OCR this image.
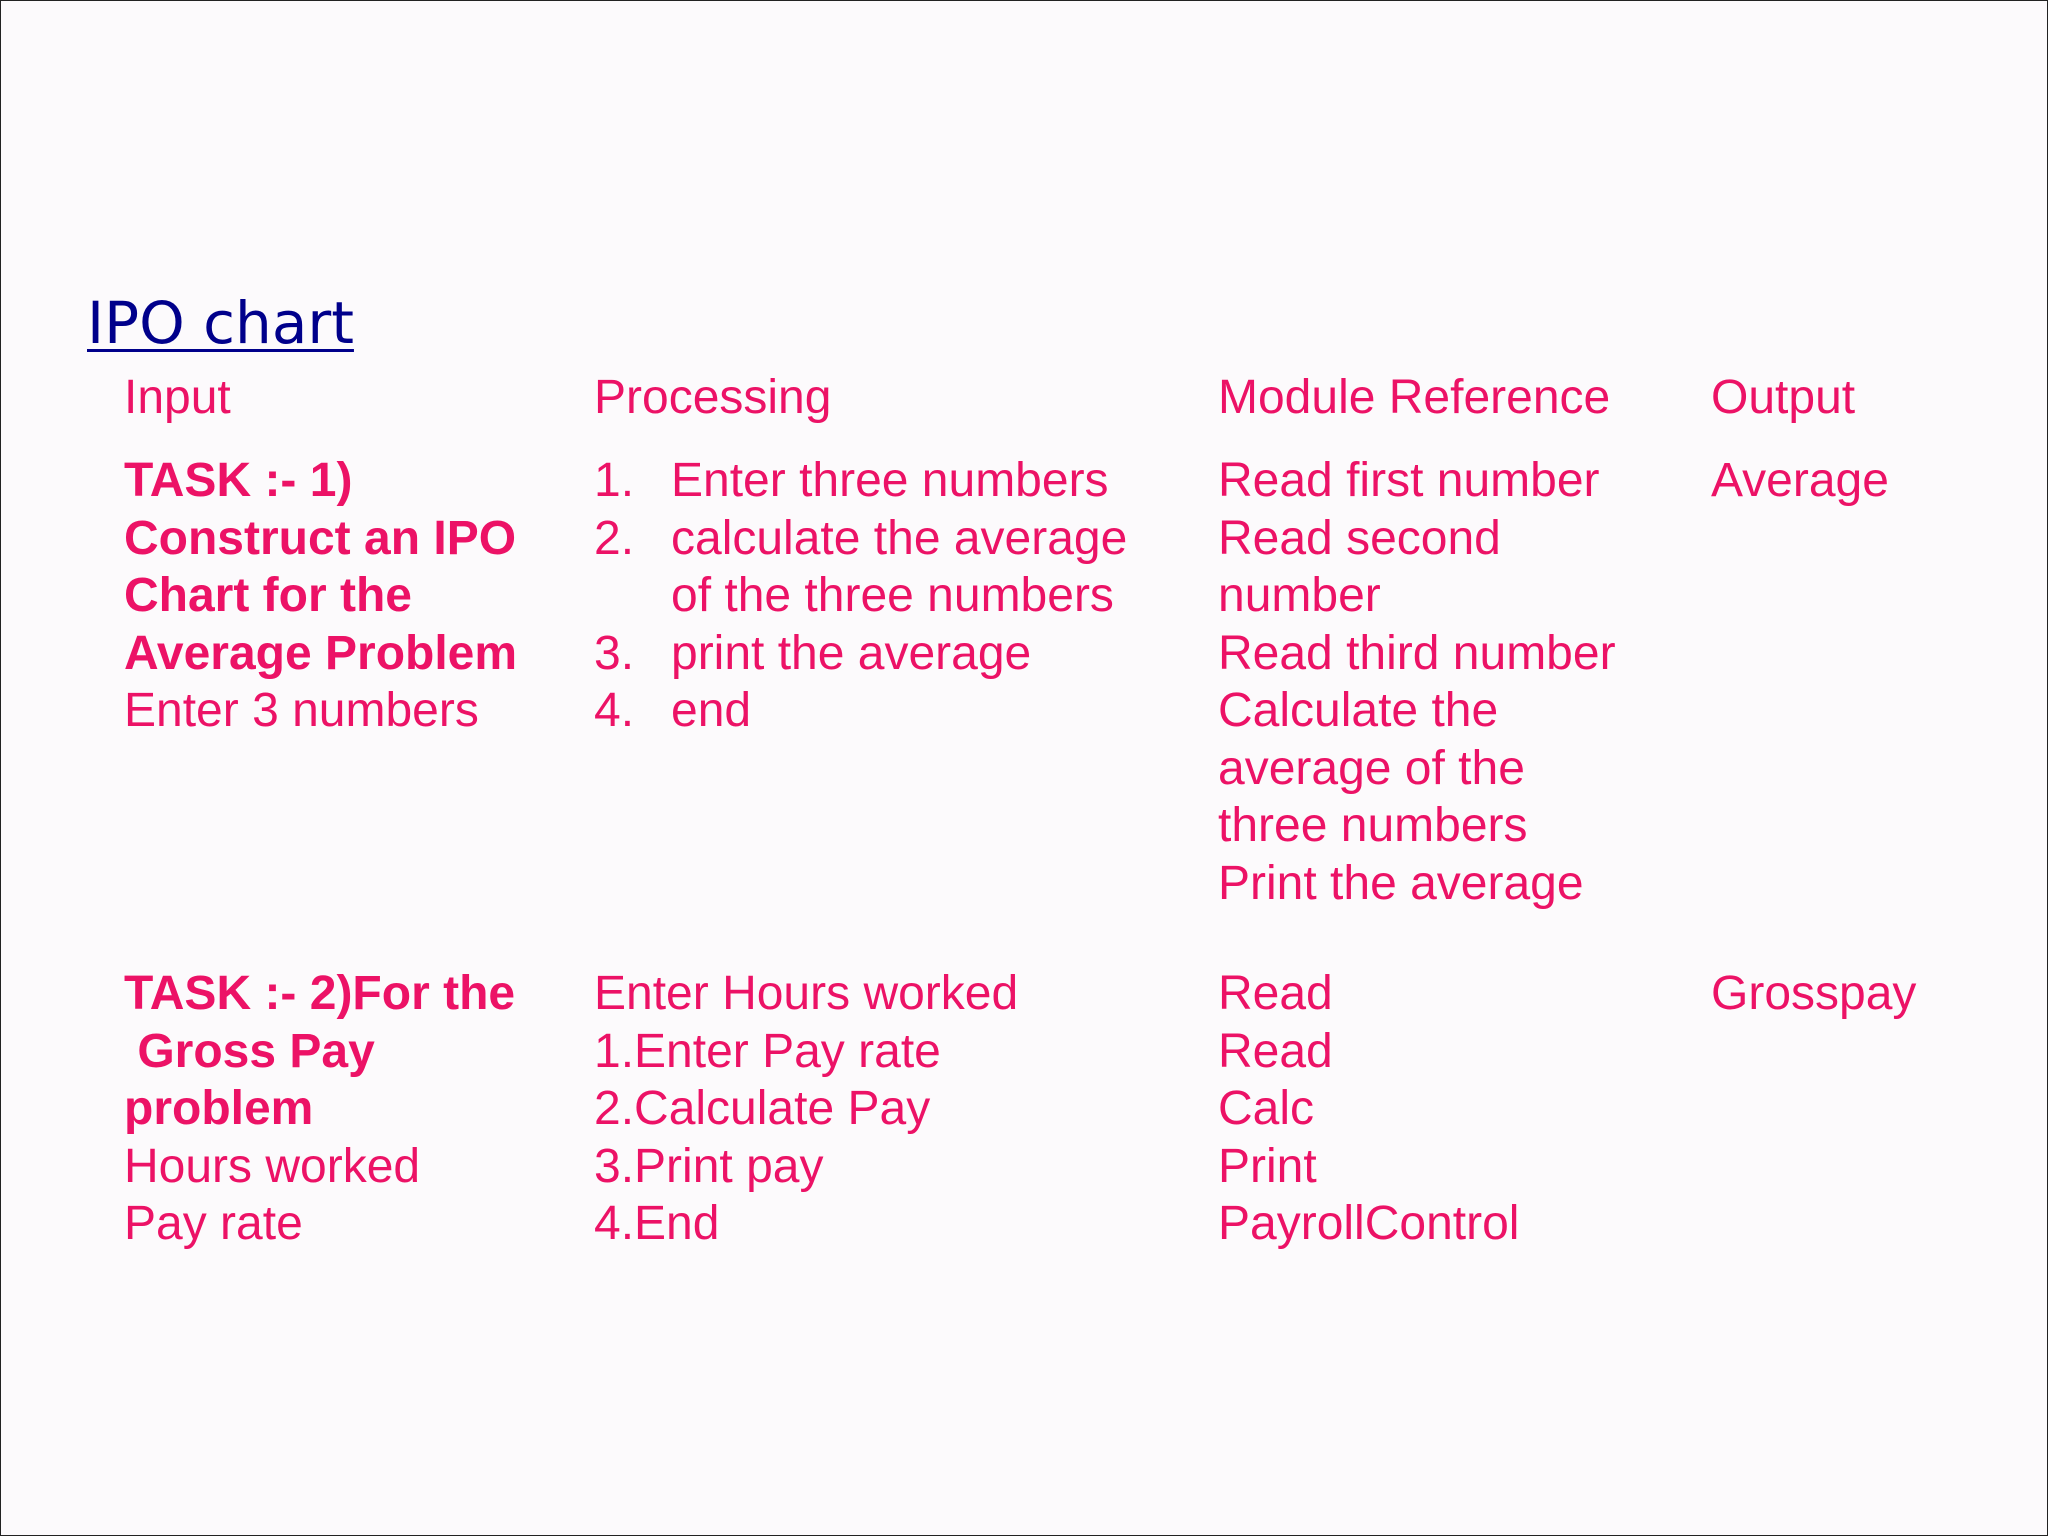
IPO chart
Input	Processing	Module Reference Output
TASK :- 1)
Construct an IPO
Chart for the
Average Problem
Enter 3 numbers
1. Enter three numbers
2. calculate the average
of the three numbers
3. print the average
4. end
Read first number
Read second
number
Read third number
Calculate the
average of the
three numbers
Print the average
Average
TASK :- 2)For the
Gross Pay
problem
Hours worked
Pay rate
Enter Hours worked
1.Enter Pay rate
2.Calculate Pay
3.Print pay
4.End
Read
Read
Calc
Print
PayrollControl
Grosspay
